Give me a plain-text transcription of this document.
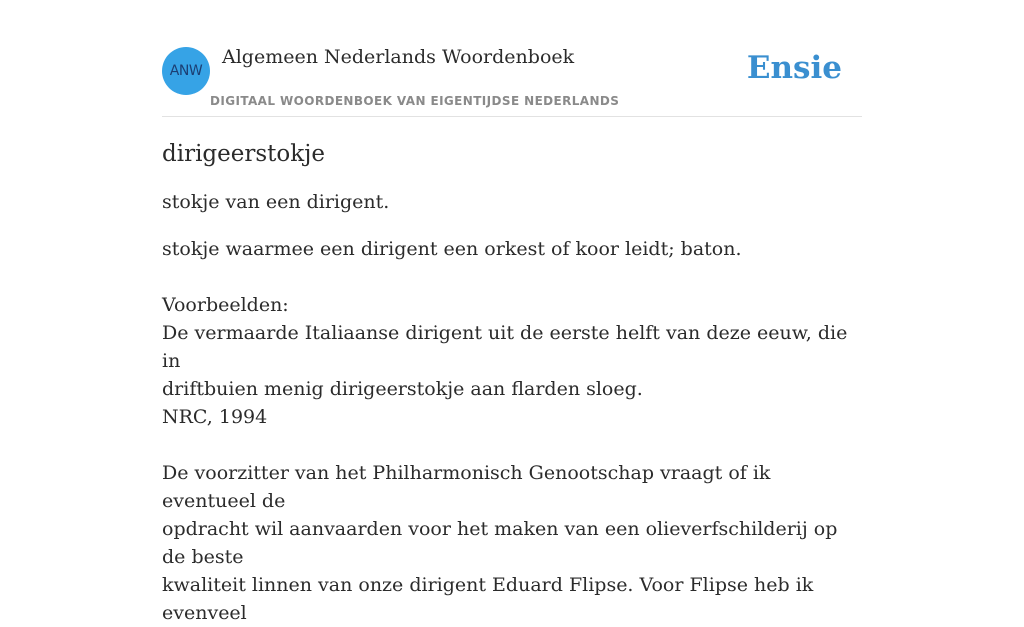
ANW
Algemeen Nederlands Woordenboek
DIGITAAL WOORDENBOEK VAN EIGENTIJDSE NEDERLANDS
Ensie
dirigeerstokje

stokje van een dirigent.

stokje waarmee een dirigent een orkest of koor leidt; baton.
Voorbeelden:
De vermaarde Italiaanse dirigent uit de eerste helft van deze eeuw, die in
driftbuien menig dirigeerstokje aan flarden sloeg.
NRC, 1994
De voorzitter van het Philharmonisch Genootschap vraagt of ik eventueel de
opdracht wil aanvaarden voor het maken van een olieverfschilderij op de beste
kwaliteit linnen van onze dirigent Eduard Flipse. Voor Flipse heb ik evenveel
